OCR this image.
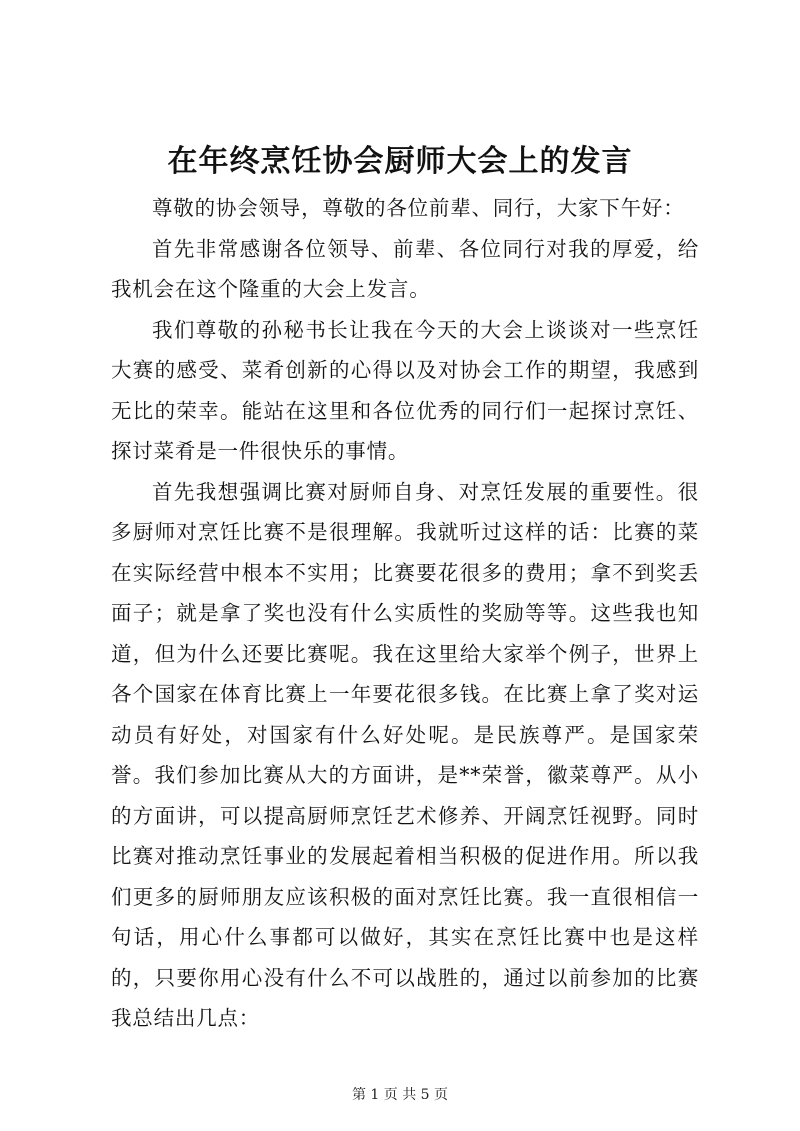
在年终烹饪协会厨师大会上的发言

尊敬的协会领导，尊敬的各位前辈、同行，大家下午好：

首先非常感谢各位领导、前辈、各位同行对我的厚爱，给我机会在这个隆重的大会上发言。

我们尊敬的孙秘书长让我在今天的大会上谈谈对一些烹饪大赛的感受、菜肴创新的心得以及对协会工作的期望，我感到无比的荣幸。能站在这里和各位优秀的同行们一起探讨烹饪、探讨菜肴是一件很快乐的事情。

首先我想强调比赛对厨师自身、对烹饪发展的重要性。很多厨师对烹饪比赛不是很理解。我就听过这样的话：比赛的菜在实际经营中根本不实用；比赛要花很多的费用；拿不到奖丢面子；就是拿了奖也没有什么实质性的奖励等等。这些我也知道，但为什么还要比赛呢。我在这里给大家举个例子，世界上各个国家在体育比赛上一年要花很多钱。在比赛上拿了奖对运动员有好处，对国家有什么好处呢。是民族尊严。是国家荣誉。我们参加比赛从大的方面讲，是**荣誉，徽菜尊严。从小的方面讲，可以提高厨师烹饪艺术修养、开阔烹饪视野。同时比赛对推动烹饪事业的发展起着相当积极的促进作用。所以我们更多的厨师朋友应该积极的面对烹饪比赛。我一直很相信一句话，用心什么事都可以做好，其实在烹饪比赛中也是这样的，只要你用心没有什么不可以战胜的，通过以前参加的比赛我总结出几点：

第 1 页 共 5 页
